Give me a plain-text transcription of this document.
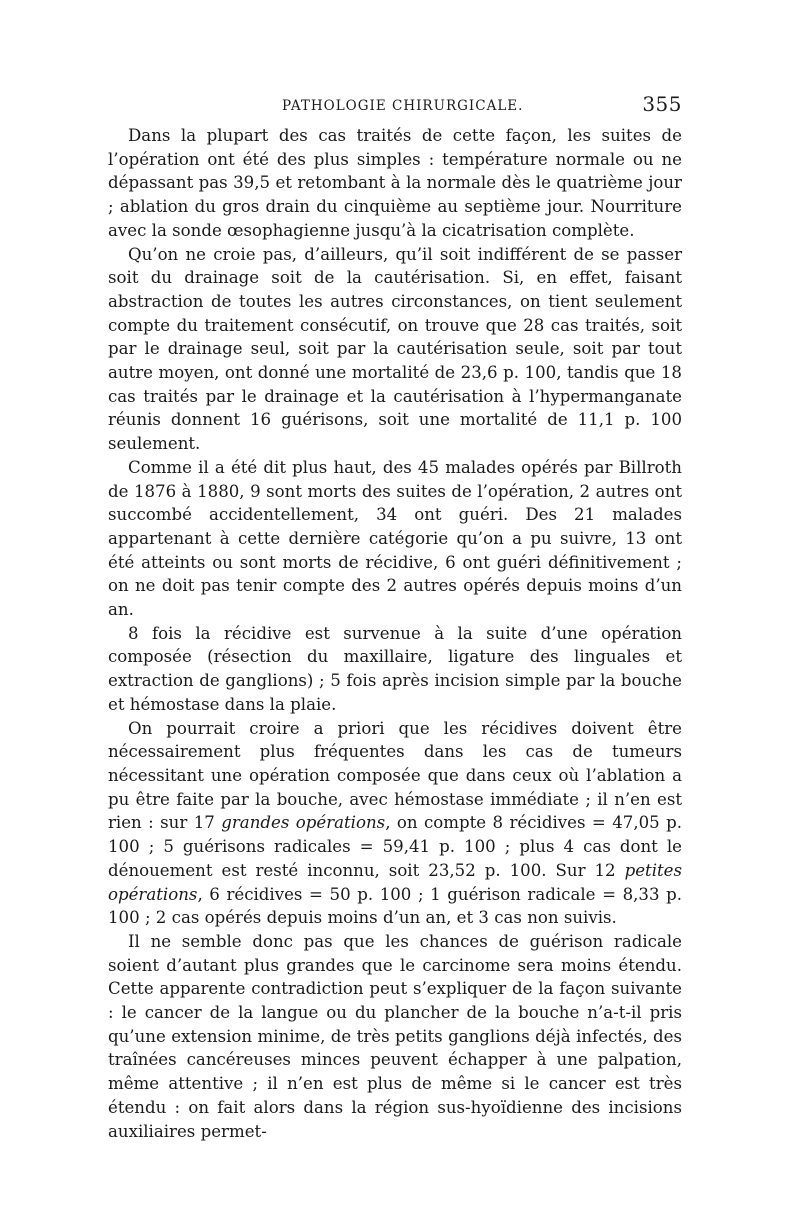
PATHOLOGIE CHIRURGICALE.	355

Dans la plupart des cas traités de cette façon, les suites de l’opération ont été des plus simples : température normale ou ne dépassant pas 39,5 et retombant à la normale dès le quatrième jour ; ablation du gros drain du cinquième au septième jour. Nourriture avec la sonde œsophagienne jusqu’à la cicatrisation complète.

Qu’on ne croie pas, d’ailleurs, qu’il soit indifférent de se passer soit du drainage soit de la cautérisation. Si, en effet, faisant abstraction de toutes les autres circonstances, on tient seulement compte du traitement consécutif, on trouve que 28 cas traités, soit par le drainage seul, soit par la cautérisation seule, soit par tout autre moyen, ont donné une mortalité de 23,6 p. 100, tandis que 18 cas traités par le drainage et la cautérisation à l’hypermanganate réunis donnent 16 guérisons, soit une mortalité de 11,1 p. 100 seulement.

Comme il a été dit plus haut, des 45 malades opérés par Billroth de 1876 à 1880, 9 sont morts des suites de l’opération, 2 autres ont succombé accidentellement, 34 ont guéri. Des 21 malades appartenant à cette dernière catégorie qu’on a pu suivre, 13 ont été atteints ou sont morts de récidive, 6 ont guéri définitivement ; on ne doit pas tenir compte des 2 autres opérés depuis moins d’un an.

8 fois la récidive est survenue à la suite d’une opération composée (résection du maxillaire, ligature des linguales et extraction de ganglions) ; 5 fois après incision simple par la bouche et hémostase dans la plaie.

On pourrait croire a priori que les récidives doivent être nécessairement plus fréquentes dans les cas de tumeurs nécessitant une opération composée que dans ceux où l’ablation a pu être faite par la bouche, avec hémostase immédiate ; il n’en est rien : sur 17 grandes opérations, on compte 8 récidives = 47,05 p. 100 ; 5 guérisons radicales = 59,41 p. 100 ; plus 4 cas dont le dénouement est resté inconnu, soit 23,52 p. 100. Sur 12 petites opérations, 6 récidives = 50 p. 100 ; 1 guérison radicale = 8,33 p. 100 ; 2 cas opérés depuis moins d’un an, et 3 cas non suivis.

Il ne semble donc pas que les chances de guérison radicale soient d’autant plus grandes que le carcinome sera moins étendu. Cette apparente contradiction peut s’expliquer de la façon suivante : le cancer de la langue ou du plancher de la bouche n’a-t-il pris qu’une extension minime, de très petits ganglions déjà infectés, des traînées cancéreuses minces peuvent échapper à une palpation, même attentive ; il n’en est plus de même si le cancer est très étendu : on fait alors dans la région sus-hyoïdienne des incisions auxiliaires permet-
